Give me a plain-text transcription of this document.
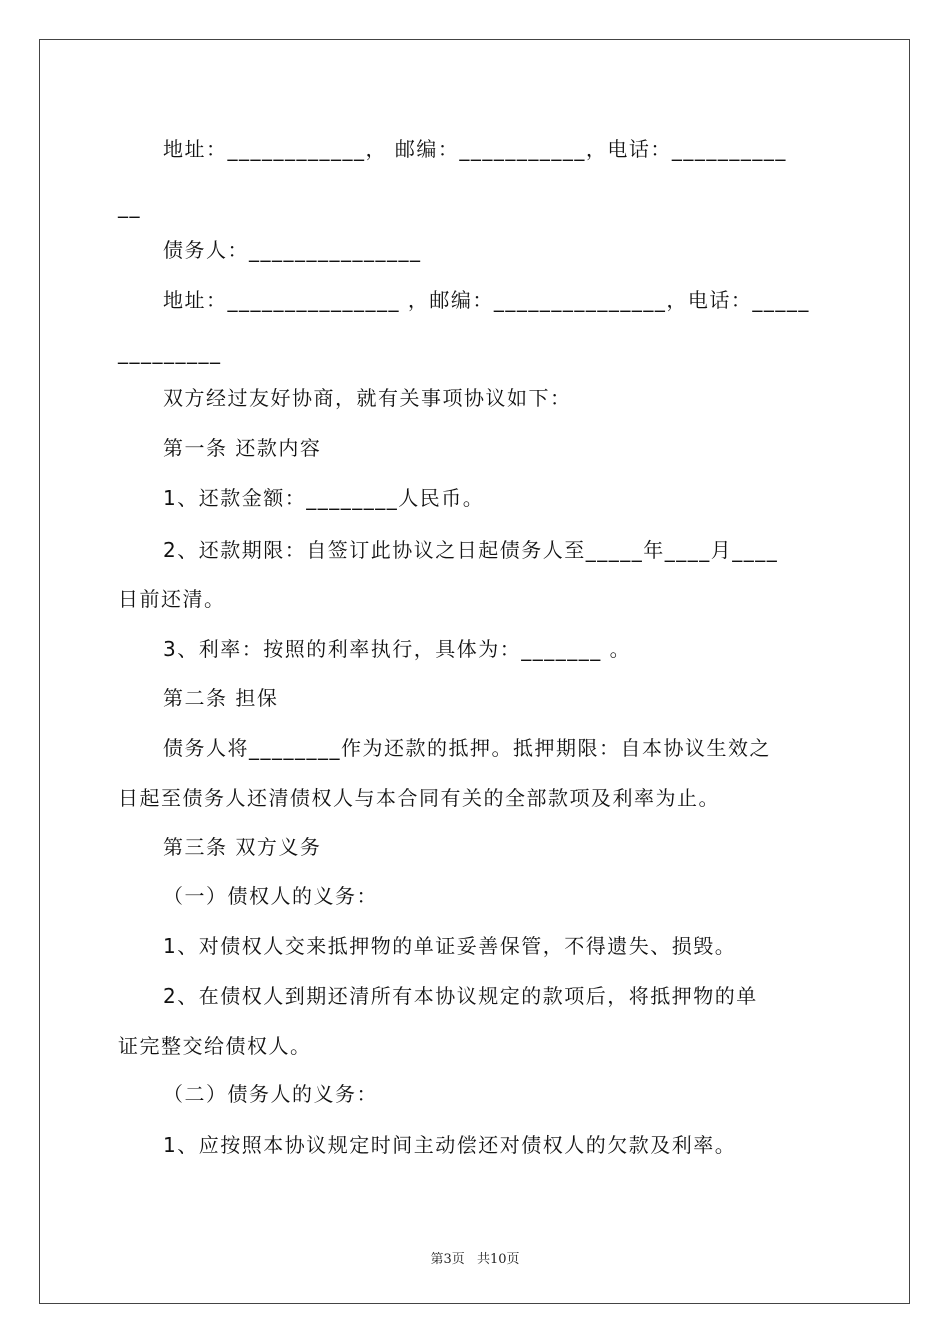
地址：____________， 邮编：___________，电话：__________
__
债务人：_______________
地址：_______________ ，邮编：_______________，电话：_____
_________
双方经过友好协商，就有关事项协议如下：
第一条 还款内容
1、还款金额：________人民币。
2、还款期限：自签订此协议之日起债务人至_____年____月____
日前还清。
3、利率：按照的利率执行，具体为：_______ 。
第二条 担保
债务人将________作为还款的抵押。抵押期限：自本协议生效之
日起至债务人还清债权人与本合同有关的全部款项及利率为止。
第三条 双方义务
（一）债权人的义务：
1、对债权人交来抵押物的单证妥善保管，不得遗失、损毁。
2、在债权人到期还清所有本协议规定的款项后，将抵押物的单
证完整交给债权人。
（二）债务人的义务：
1、应按照本协议规定时间主动偿还对债权人的欠款及利率。
第3页 共10页
